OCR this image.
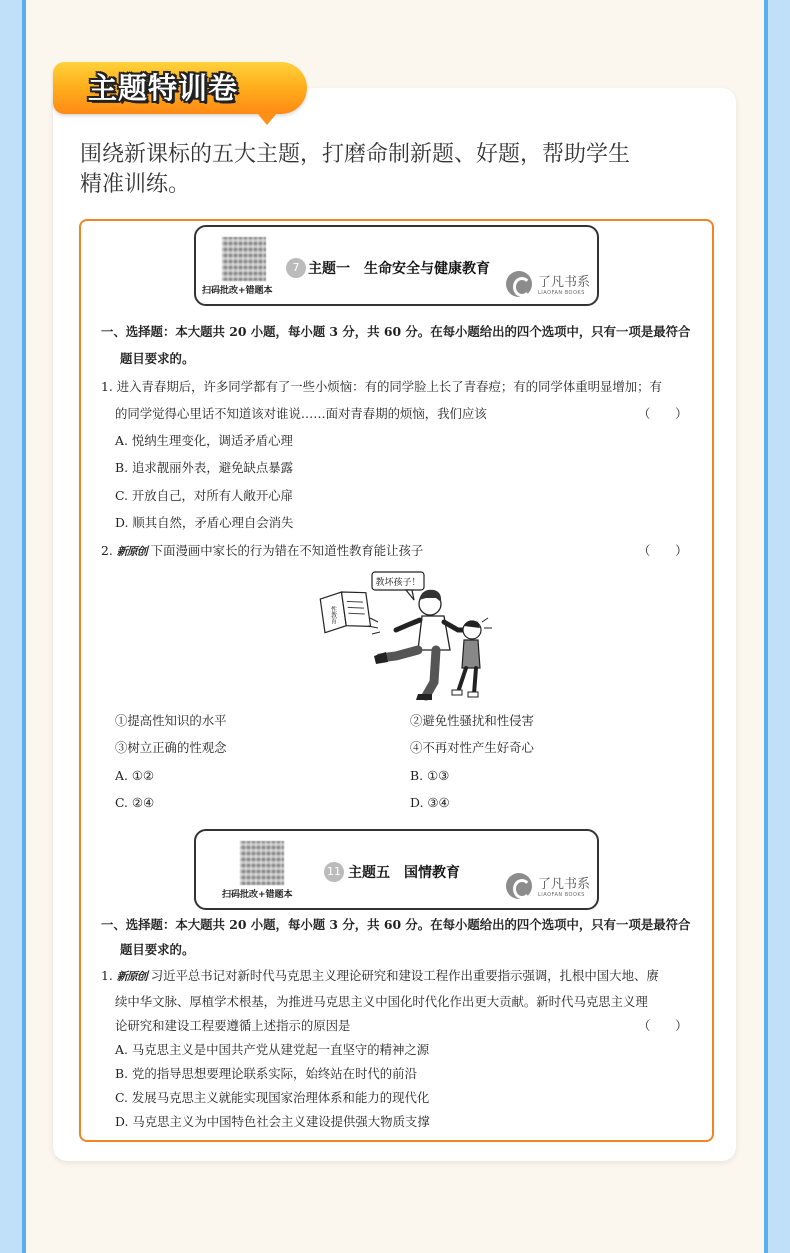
主题特训卷
围绕新课标的五大主题，打磨命制新题、好题，帮助学生
精准训练。
扫码批改+错题本
7 主题一　生命安全与健康教育
了凡书系
LIAOFAN BOOKS
一、选择题：本大题共 20 小题，每小题 3 分，共 60 分。在每小题给出的四个选项中，只有一项是最符合
题目要求的。
1. 进入青春期后，许多同学都有了一些小烦恼：有的同学脸上长了青春痘；有的同学体重明显增加；有
的同学觉得心里话不知道该对谁说……面对青春期的烦恼，我们应该	（　　）
A. 悦纳生理变化，调适矛盾心理
B. 追求靓丽外表，避免缺点暴露
C. 开放自己，对所有人敞开心扉
D. 顺其自然，矛盾心理自会消失
2. 新原创 下面漫画中家长的行为错在不知道性教育能让孩子	（　　）
教坏孩子！
性教育
①提高性知识的水平	②避免性骚扰和性侵害
③树立正确的性观念	④不再对性产生好奇心
A. ①②	B. ①③
C. ②④	D. ③④
扫码批改+错题本
11 主题五　国情教育
了凡书系
LIAOFAN BOOKS
一、选择题：本大题共 20 小题，每小题 3 分，共 60 分。在每小题给出的四个选项中，只有一项是最符合
题目要求的。
1. 新原创 习近平总书记对新时代马克思主义理论研究和建设工程作出重要指示强调，扎根中国大地、赓
续中华文脉、厚植学术根基，为推进马克思主义中国化时代化作出更大贡献。新时代马克思主义理
论研究和建设工程要遵循上述指示的原因是	（　　）
A. 马克思主义是中国共产党从建党起一直坚守的精神之源
B. 党的指导思想要理论联系实际，始终站在时代的前沿
C. 发展马克思主义就能实现国家治理体系和能力的现代化
D. 马克思主义为中国特色社会主义建设提供强大物质支撑
